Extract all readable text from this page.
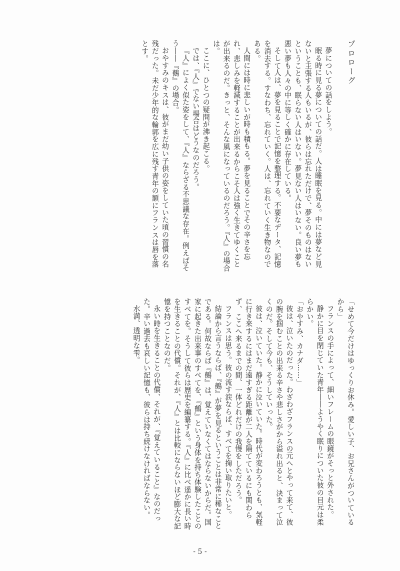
プロローグ

夢についての話をしよう。

眠る時に見る夢についての話だ。人は睡眠を見る。中には夢など見ないと主張する人もいるが、彼らは忘れただけで、夢そのものはないということも、眠らない人はいない。夢見ない人はいない。良い夢も悪い夢も人々の中に等しく確かに存在している。

そして人は、夢を見ることで記憶を整理する。不要なデータ、記憶を消去する。すなわち、忘れていく。人は、忘れていく生き物なのである。

人間には時に悲しいが時も積もる。夢を見ることでその辛さを忘れ、悲しみを軽減することが出来るからこそ人は強く生きてゆくことが出来るのだ。きっと、そんな風になっているのだろう。『人』の場合は。

ここに、ひとつの疑問が沸き起こる。

では、『人』でない場合はどうなのだろう。

『人』によく似た姿をして、『人』ならざる不思議な存在。例えばそう――『鵺』の場合。

おやすみのキスは、彼がまだ幼い子供の姿をしていた頃の習慣の名残だった。未だ少年的な輪郭を広に残す青年の額にフランスは唇を落とす。

「せめて今だけはゆっくりお休み。愛しい子、お兄さんがついているから」

フランスの手によって、細いフレームの眼鏡がそっと外された。

静かに目を閉じていた青年――ようやく眠りについた彼の目元は柔らかい。

「おやすみ、カナダ……」

彼は、泣いたのだった。わざわざフランスの元へとやって来て、彼の腕を掴むことの出来る辛さや悲しさがから溢れ出ると、決まって泣くのだ。そして今も、そうしていった。

彼は、泣いていた。静かに泣いていた。時代が変わろうとも、気軽に行き来するにはまだ遠すぎる距離が二人を隔てているにも関わらず、ここへ来るまでの間、一体どれだけの我慢をしただろう。

フランスは思う。彼の流す涙ならば、すべてを掬い取りたいと。

結論から言うならば、『鵺』が夢を見るということは非常に稀なことである。何故ならば『鵺』は、覚えていなくてはならないからだ。国家に起きた出来事のすべてを、『鵺』という身体を持ち体験したことのすべてを。そうして彼らは歴史を編纂する。『人』に比べ遥かに長い時を生きることの代償。それが、『人』とは比較にならないほど膨大な記憶を持つことなのだ。

永い時を生きることの代償、それが、『覚えていること』なのだった。辛い過去も哀しい記憶も、彼らは持ち続けなければならない。

水満、透明な雫。

- 5 -
